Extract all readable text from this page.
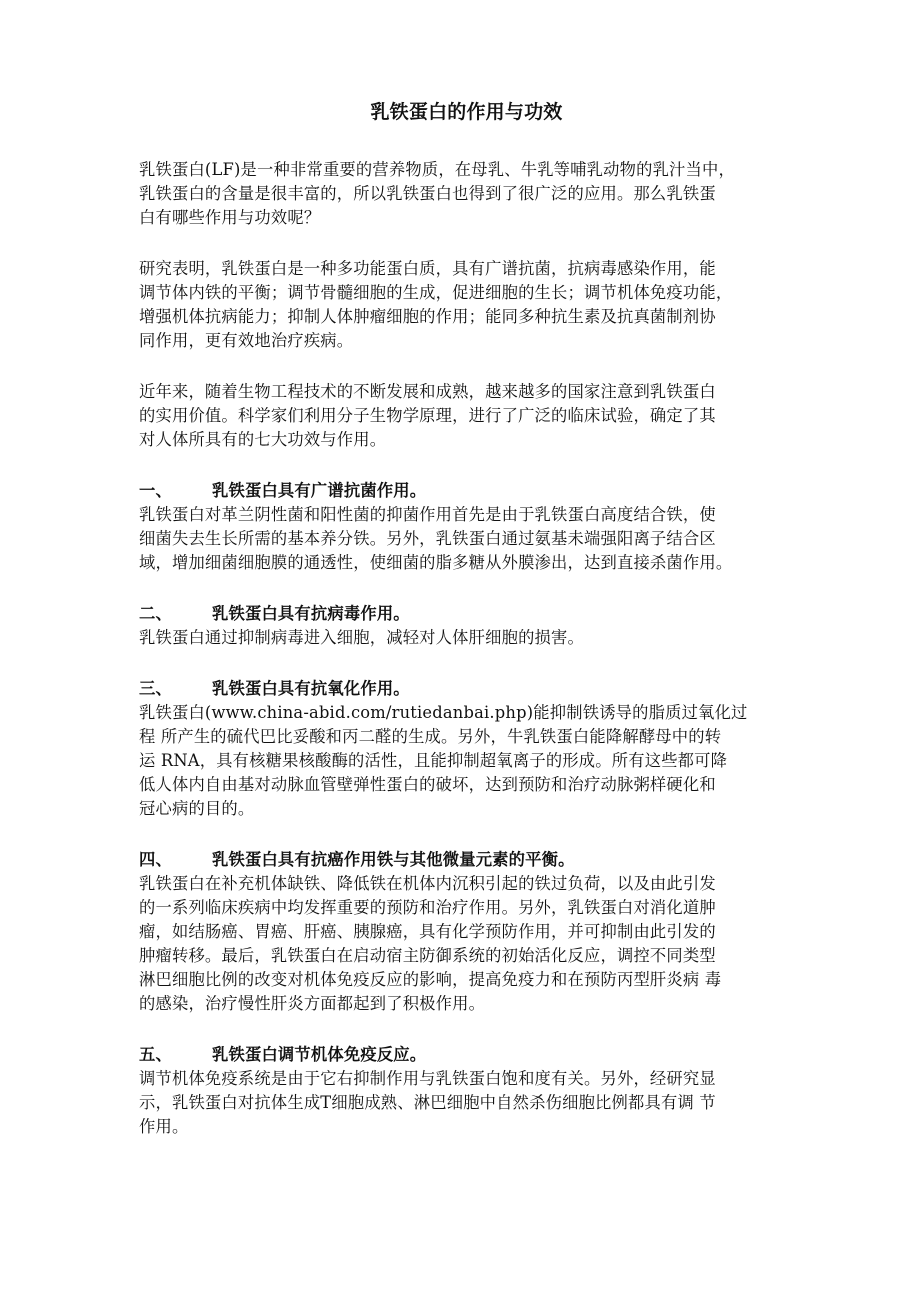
乳铁蛋白的作用与功效

乳铁蛋白(LF)是一种非常重要的营养物质，在母乳、牛乳等哺乳动物的乳汁当中，
乳铁蛋白的含量是很丰富的，所以乳铁蛋白也得到了很广泛的应用。那么乳铁蛋
白有哪些作用与功效呢？

研究表明，乳铁蛋白是一种多功能蛋白质，具有广谱抗菌，抗病毒感染作用，能
调节体内铁的平衡；调节骨髓细胞的生成，促进细胞的生长；调节机体免疫功能，
增强机体抗病能力；抑制人体肿瘤细胞的作用；能同多种抗生素及抗真菌制剂协
同作用，更有效地治疗疾病。

近年来，随着生物工程技术的不断发展和成熟，越来越多的国家注意到乳铁蛋白
的实用价值。科学家们利用分子生物学原理，进行了广泛的临床试验，确定了其
对人体所具有的七大功效与作用。

一、	乳铁蛋白具有广谱抗菌作用。

乳铁蛋白对革兰阴性菌和阳性菌的抑菌作用首先是由于乳铁蛋白高度结合铁，使
细菌失去生长所需的基本养分铁。另外，乳铁蛋白通过氨基未端强阳离子结合区
域，增加细菌细胞膜的通透性，使细菌的脂多糖从外膜渗出，达到直接杀菌作用。

二、	乳铁蛋白具有抗病毒作用。

乳铁蛋白通过抑制病毒进入细胞，减轻对人体肝细胞的损害。

三、	乳铁蛋白具有抗氧化作用。

乳铁蛋白(www.china-abid.com/rutiedanbai.php)能抑制铁诱导的脂质过氧化过
程 所产生的硫代巴比妥酸和丙二醛的生成。另外，牛乳铁蛋白能降解酵母中的转
运 RNA，具有核糖果核酸酶的活性，且能抑制超氧离子的形成。所有这些都可降
低人体内自由基对动脉血管壁弹性蛋白的破坏，达到预防和治疗动脉粥样硬化和
冠心病的目的。

四、	乳铁蛋白具有抗癌作用铁与其他微量元素的平衡。

乳铁蛋白在补充机体缺铁、降低铁在机体内沉积引起的铁过负荷，以及由此引发
的一系列临床疾病中均发挥重要的预防和治疗作用。另外，乳铁蛋白对消化道肿
瘤，如结肠癌、胃癌、肝癌、胰腺癌，具有化学预防作用，并可抑制由此引发的
肿瘤转移。最后，乳铁蛋白在启动宿主防御系统的初始活化反应，调控不同类型
淋巴细胞比例的改变对机体免疫反应的影响，提高免疫力和在预防丙型肝炎病 毒
的感染，治疗慢性肝炎方面都起到了积极作用。

五、	乳铁蛋白调节机体免疫反应。

调节机体免疫系统是由于它右抑制作用与乳铁蛋白饱和度有关。另外，经研究显
示，乳铁蛋白对抗体生成T细胞成熟、淋巴细胞中自然杀伤细胞比例都具有调 节
作用。
